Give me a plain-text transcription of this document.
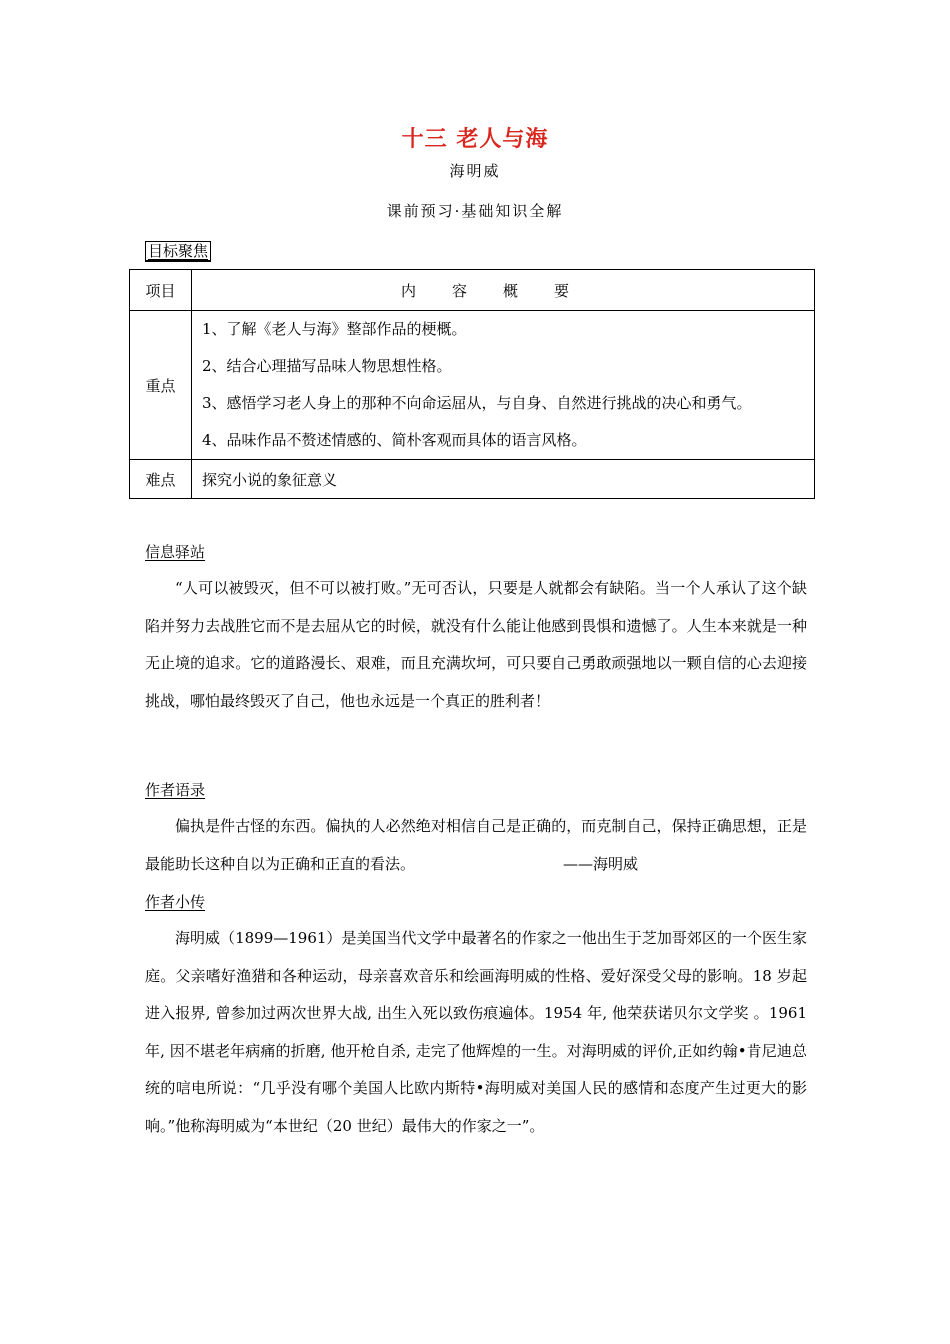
十三 老人与海
海明威
课前预习·基础知识全解
目标聚焦
项目	内容概要
重点	1、了解《老人与海》整部作品的梗概。
2、结合心理描写品味人物思想性格。
3、感悟学习老人身上的那种不向命运屈从，与自身、自然进行挑战的决心和勇气。
4、品味作品不赘述情感的、简朴客观而具体的语言风格。

难点	探究小说的象征意义
信息驿站
“人可以被毁灭，但不可以被打败。”无可否认，只要是人就都会有缺陷。当一个人承认了这个缺陷并努力去战胜它而不是去屈从它的时候，就没有什么能让他感到畏惧和遗憾了。人生本来就是一种无止境的追求。它的道路漫长、艰难，而且充满坎坷，可只要自己勇敢顽强地以一颗自信的心去迎接挑战，哪怕最终毁灭了自己，他也永远是一个真正的胜利者！
作者语录
偏执是件古怪的东西。偏执的人必然绝对相信自己是正确的，而克制自己，保持正确思想，正是最能助长这种自以为正确和正直的看法。	——海明威
作者小传
海明威（1899—1961）是美国当代文学中最著名的作家之一他出生于芝加哥郊区的一个医生家庭。父亲嗜好渔猎和各种运动，母亲喜欢音乐和绘画海明威的性格、爱好深受父母的影响。18 岁起进入报界, 曾参加过两次世界大战, 出生入死以致伤痕遍体。1954 年, 他荣获诺贝尔文学奖 。1961 年, 因不堪老年病痛的折磨, 他开枪自杀, 走完了他辉煌的一生。对海明威的评价,正如约翰•肯尼迪总统的唁电所说：“几乎没有哪个美国人比欧内斯特•海明威对美国人民的感情和态度产生过更大的影响。”他称海明威为“本世纪（20 世纪）最伟大的作家之一”。
